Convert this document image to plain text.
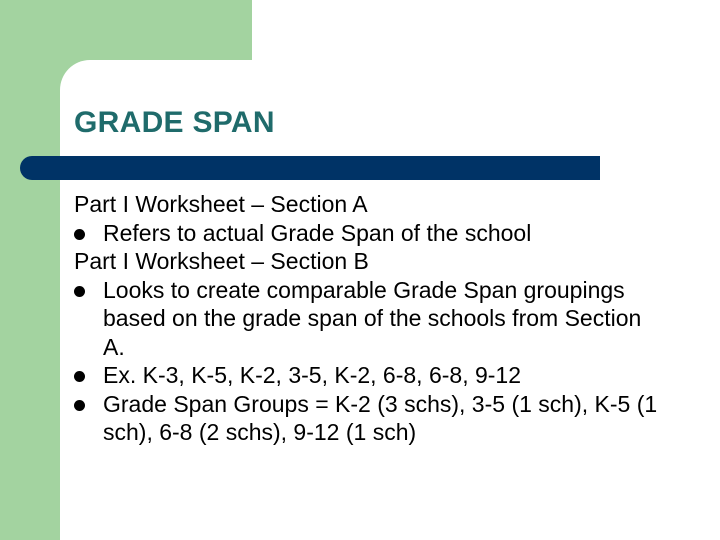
GRADE SPAN
Part I Worksheet – Section A
Refers to actual Grade Span of the school
Part I Worksheet – Section B
Looks to create comparable Grade Span groupings based on the grade span of the schools from Section A.
Ex. K-3, K-5, K-2, 3-5, K-2, 6-8, 6-8, 9-12
Grade Span Groups = K-2 (3 schs), 3-5 (1 sch), K-5 (1 sch), 6-8 (2 schs), 9-12 (1 sch)
